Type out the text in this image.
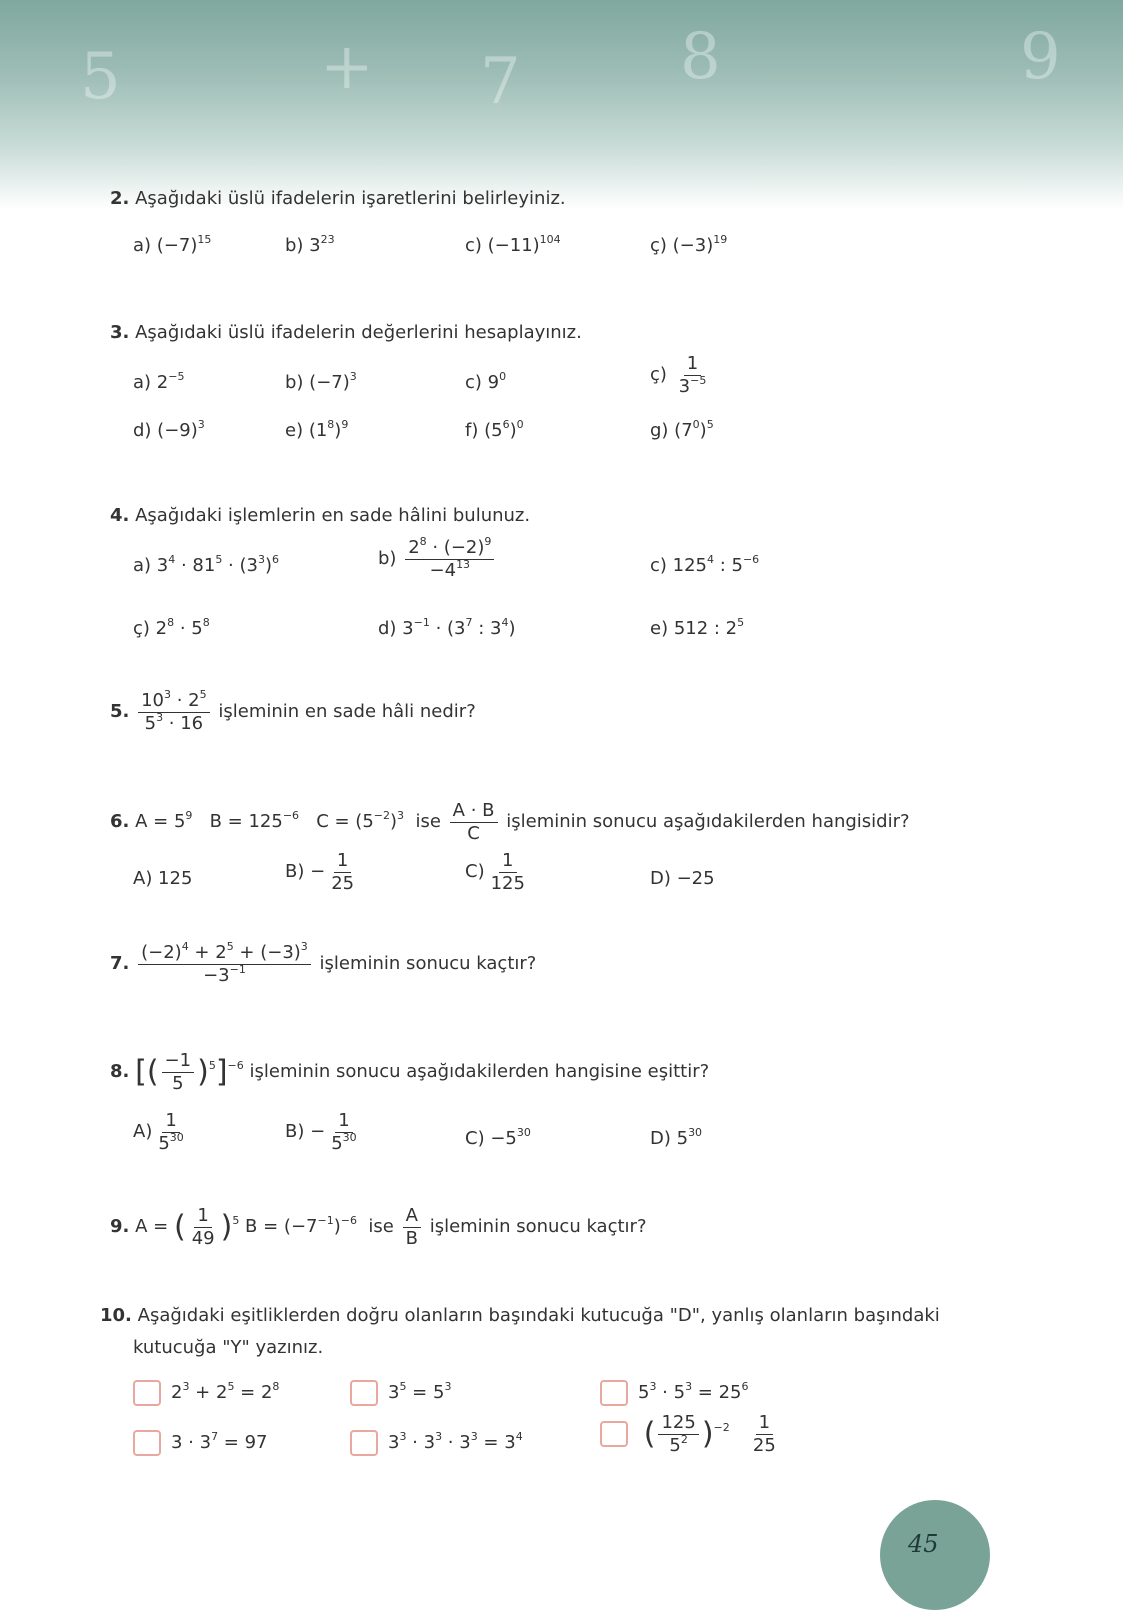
5	+ 7 8	9
2. Aşağıdaki üslü ifadelerin işaretlerini belirleyiniz.
a) $(-7)^{15}$	b) $3^{23}$	c) $(-11)^{104}$	ç) $(-3)^{19}$
3. Aşağıdaki üslü ifadelerin değerlerini hesaplayınız.
a) $2^{-5}$	b) $(-7)^3$	c) $9^0$	ç) $\frac{1}{3^{-5}}$
d) $(-9)^3$	e) $(1^8)^9$	f) $(5^6)^0$	g) $(7^0)^5$
4. Aşağıdaki işlemlerin en sade hâlini bulunuz.
a) $3^4 \cdot 81^5 \cdot (3^3)^6$	$b) \frac{2^8 \cdot (-2)^9}{-4^{13}}$	c) $125^4$ : $5^{-6}$
ç) $2^8 \cdot 5^8$	d) $3^{-1} \cdot (3^7$ : $3^4$)	e) 512 : $2^5$
5. $\frac{10^3 \cdot 2^5}{5^3 \cdot 16}$ işleminin en sade hâli nedir?
6. $A = 5^9$ $B = 125^{-6}$ $C = (5^{-2})^3$ ise $\frac{A \cdot B}{C}$ işleminin sonucu aşağıdakilerden hangisidir?
A) 125	$B) - \frac{1}{25}$	$C) \frac{1}{125}$	D) −25
7. $\frac{(-2)^4 + 2^5 + (-3)^3}{-3^{-1}}$ işleminin sonucu kaçtır?
8. [( $\frac{-1}{5} )^5]^{-6}$ işleminin sonucu aşağıdakilerden hangisine eşittir?
$A) \frac{1}{5^{30}}$	$B) - \frac{1}{5^{30}}$	$C) -5^{30}$	D) $5^{30}$
9. A = ( $\frac{1}{49} )^5$ $B = (-7^{-1})^{-6}$ ise $\frac{A}{B}$ işleminin sonucu kaçtır?
10. Aşağıdaki eşitliklerden doğru olanların başındaki kutucuğa "D", yanlış olanların başındaki
kutucuğa "Y" yazınız.
$2^3 + 2^5 = 2^8$	$3^5 = 5^3$	$5^3 \cdot 5^3 = 25^6$
$3 \cdot 3^7 = 97$	$3^3 \cdot 3^3 \cdot 3^3 = 3^4$	( $\frac{125}{5^2} )^{-2} \frac{1}{25}$
45
